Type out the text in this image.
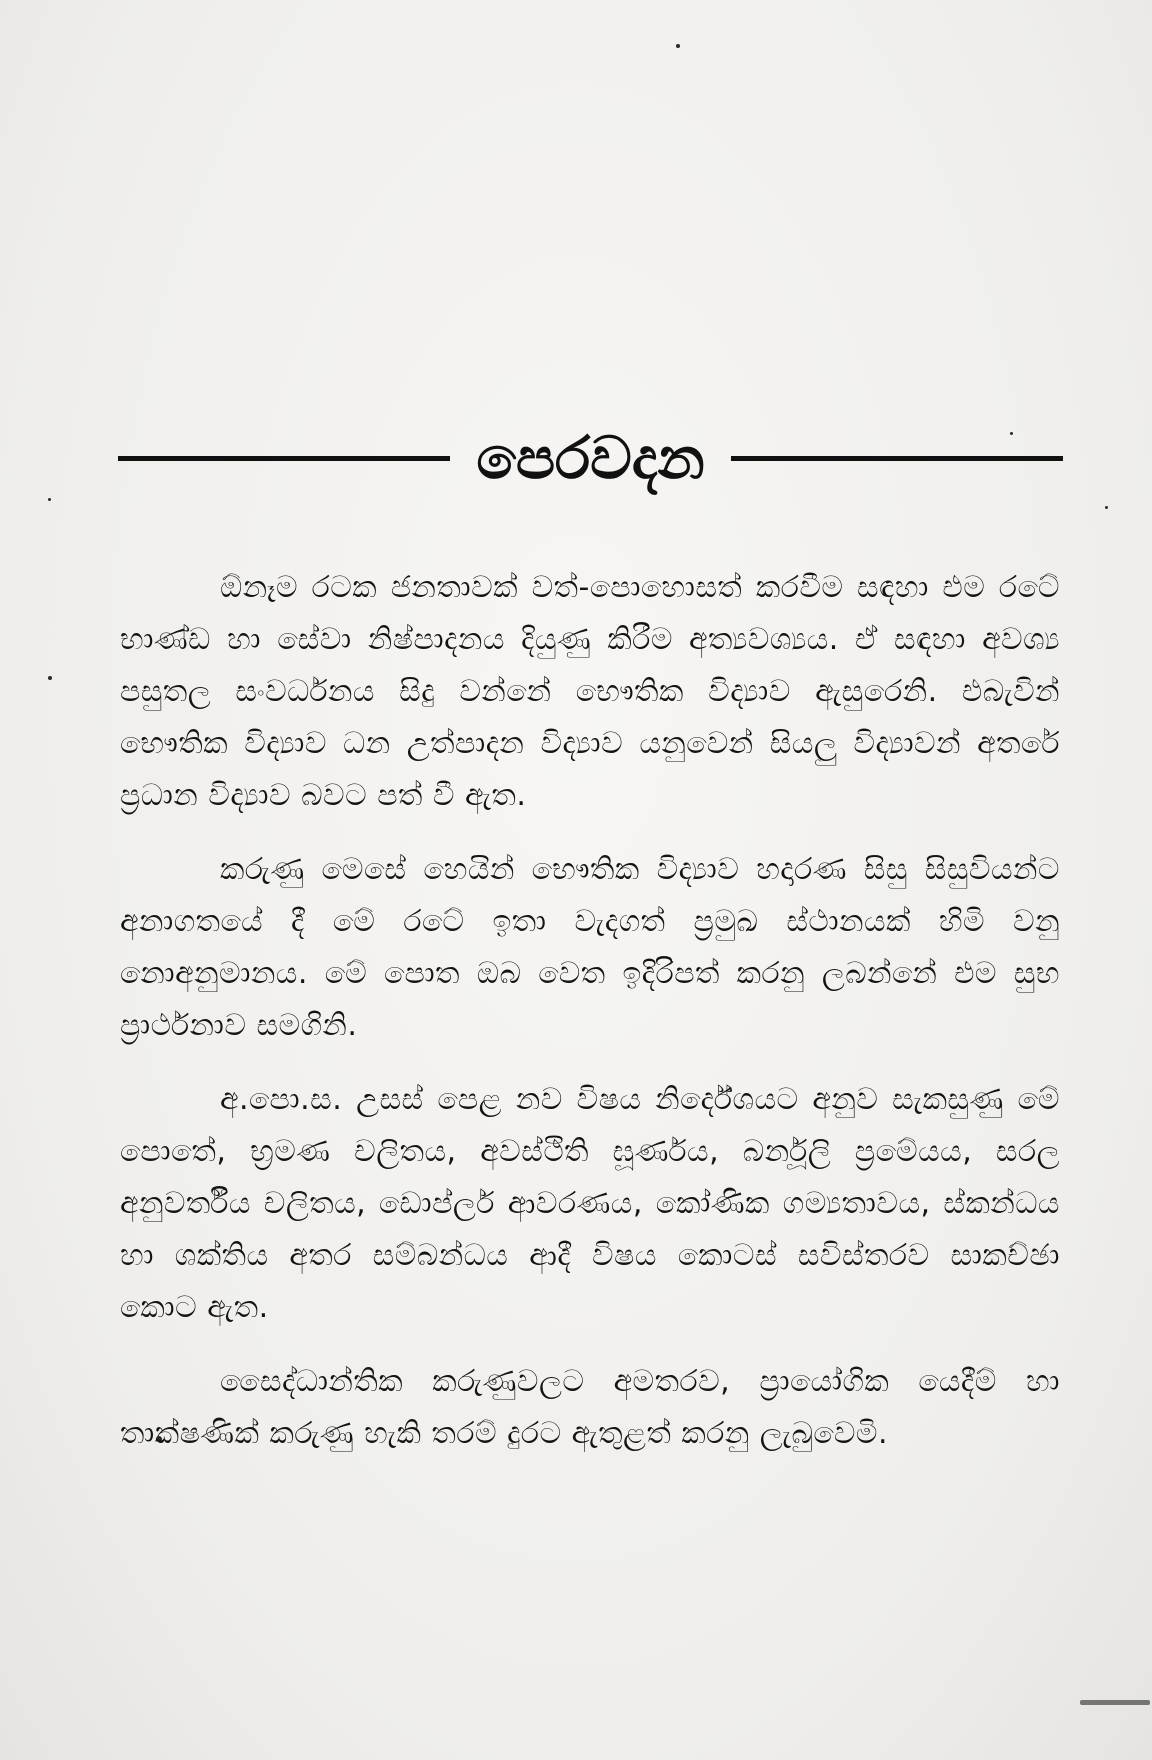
පෙරවදන

ඕනෑම රටක ජනතාවක් වත්-පොහොසත් කරවීම සඳහා එම රටේ භාණ්ඩ හා සේවා නිෂ්පාදනය දියුණු කිරීම අත්‍යවශ්‍යය. ඒ සඳහා අවශ්‍ය පසුතල සංවර්ධනය සිදු වන්නේ භෞතික විද්‍යාව ඇසුරෙනි. එබැවින් භෞතික විද්‍යාව ධන උත්පාදන විද්‍යාව යනුවෙන් සියලු විද්‍යාවන් අතරේ ප්‍රධාන විද්‍යාව බවට පත් වී ඇත.

කරුණු මෙසේ හෙයින් භෞතික විද්‍යාව හදාරණ සිසු සිසුවියන්ට අනාගතයේ දී මේ රටේ ඉතා වැදගත් ප්‍රමුඛ ස්ථානයක් හිමි වනු නොඅනුමානය. මේ පොත ඔබ වෙත ඉදිරිපත් කරනු ලබන්නේ එම සුභ ප්‍රාර්ථනාව සමගිනි.

අ.පො.ස. උසස් පෙළ නව විෂය නිර්දේශයට අනුව සැකසුණු මේ පොතේ, භ්‍රමණ චලිතය, අවස්ථිති ඝූර්ණය, බර්නූලි ප්‍රමේයය, සරල අනුවර්තීය චලිතය, ඩොප්ලර් ආවරණය, කෝණික ගම්‍යතාවය, ස්කන්ධය හා ශක්තිය අතර සම්බන්ධය ආදී විෂය කොටස් සවිස්තරව සාකච්ඡා කොට ඇත.

සෛද්ධාන්තික කරුණුවලට අමතරව, ප්‍රායෝගික යෙදීම් හා තාක්ෂණික් කරුණු හැකි තරම් දුරට ඇතුළත් කරනු ලැබුවෙමි.
